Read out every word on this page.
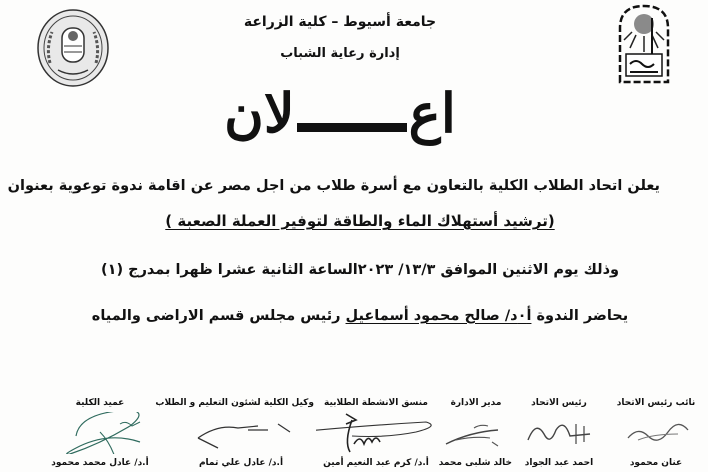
جامعة أسيوط – كلية الزراعة
إدارة رعاية الشباب
اعلان
يعلن اتحاد الطلاب الكلية بالتعاون مع أسرة طلاب من اجل مصر عن اقامة ندوة توعوية بعنوان
(ترشيد أستهلاك الماء والطاقة لتوفير العملة الصعبة )
وذلك يوم الاثنين الموافق ١٣/٣/ ٢٠٢٣الساعة الثانية عشرا ظهرا بمدرج (١)
يحاضر الندوة أ٠د/ صالح محمود أسماعيل رئيس مجلس قسم الاراضى والمياه
نائب رئيس الاتحاد
عنان محمود
رئيس الاتحاد
احمد عبد الجواد
مدير الادارة
خالد شلبى محمد
منسق الانشطة الطلابية
أ.د/ كرم عبد النعيم أمين
وكيل الكلية لشئون التعليم و الطلاب
أ.د/ عادل علي تمام
عميد الكلية
أ.د/ عادل محمد محمود
